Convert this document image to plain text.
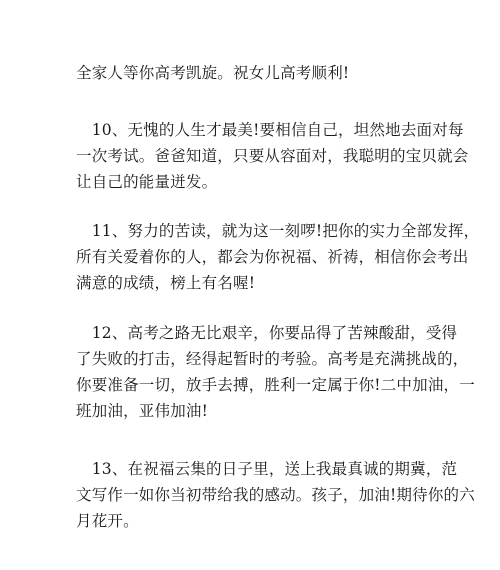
全家人等你高考凯旋。祝女儿高考顺利!
　10、无愧的人生才最美!要相信自己，坦然地去面对每
一次考试。爸爸知道，只要从容面对，我聪明的宝贝就会
让自己的能量迸发。
　11、努力的苦读，就为这一刻啰!把你的实力全部发挥，
所有关爱着你的人，都会为你祝福、祈祷，相信你会考出
满意的成绩，榜上有名喔!
　12、高考之路无比艰辛，你要品得了苦辣酸甜，受得
了失败的打击，经得起暂时的考验。高考是充满挑战的，
你要准备一切，放手去搏，胜利一定属于你!二中加油，一
班加油，亚伟加油!
　13、在祝福云集的日子里，送上我最真诚的期冀，范
文写作一如你当初带给我的感动。孩子，加油!期待你的六
月花开。
